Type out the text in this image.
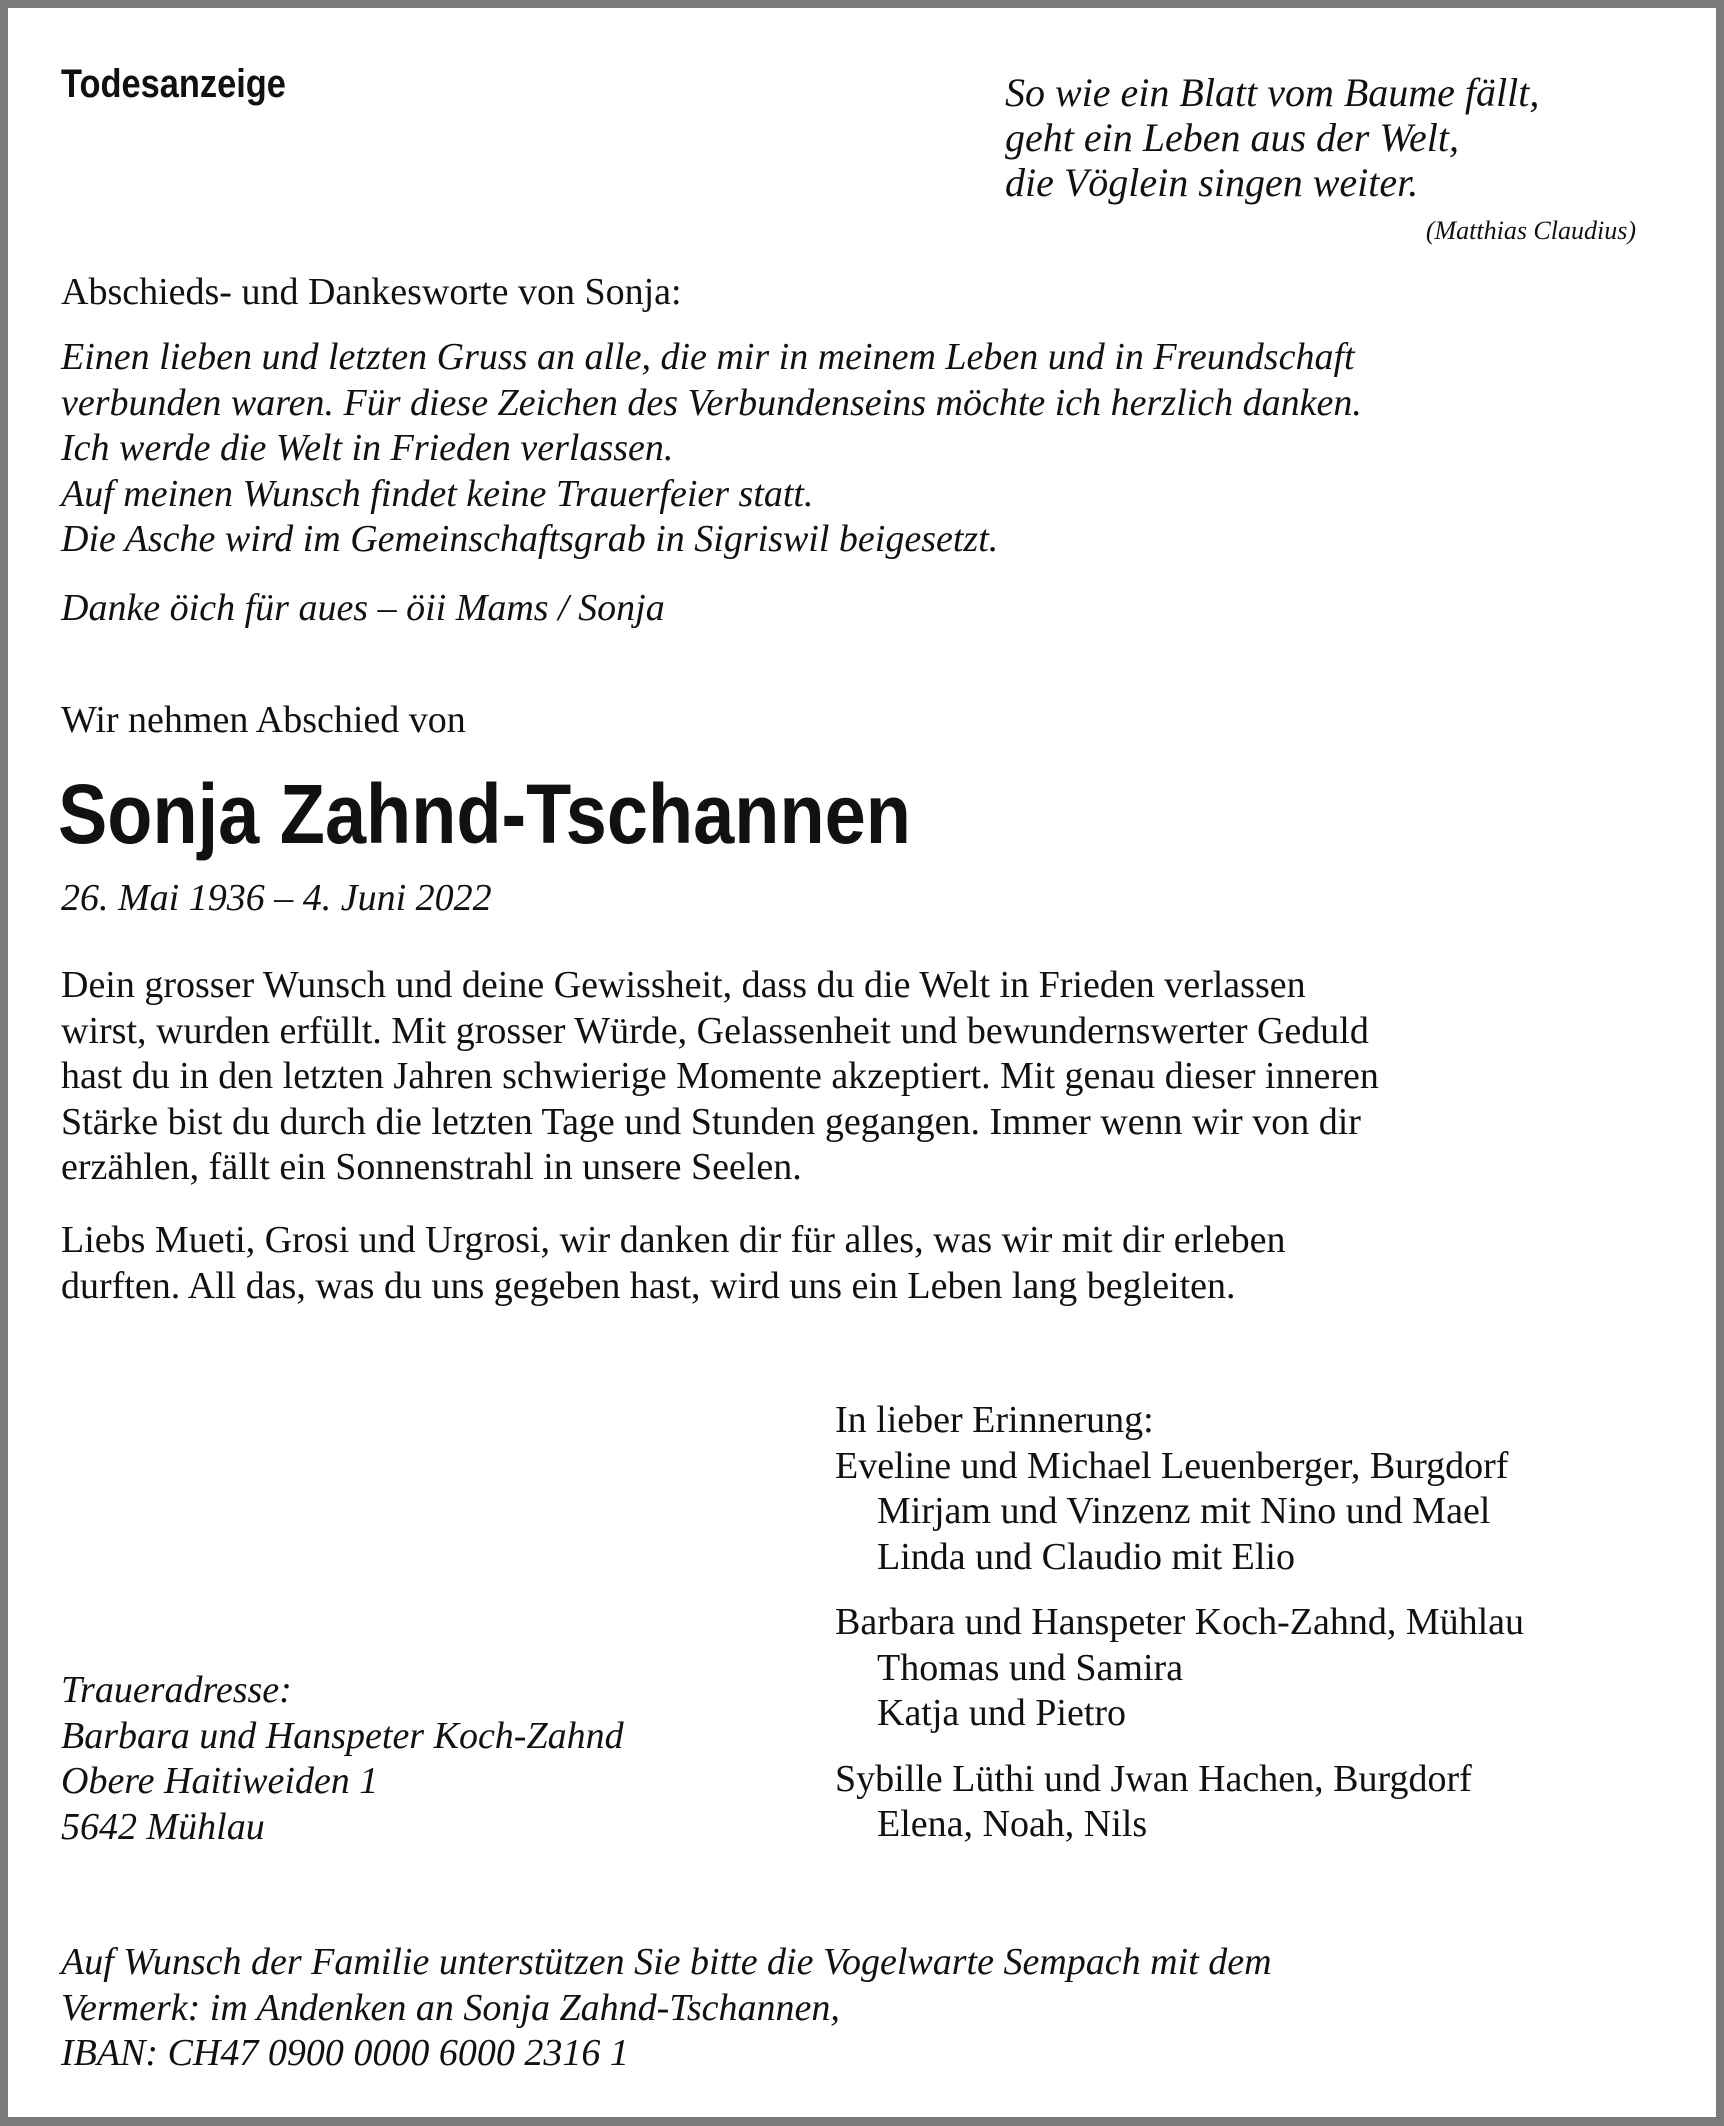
Todesanzeige	So wie ein Blatt vom Baume fällt,
geht ein Leben aus der Welt,
die Vöglein singen weiter.
(Matthias Claudius)
Abschieds- und Dankesworte von Sonja:
Einen lieben und letzten Gruss an alle, die mir in meinem Leben und in Freundschaft
verbunden waren. Für diese Zeichen des Verbundenseins möchte ich herzlich danken.
Ich werde die Welt in Frieden verlassen.
Auf meinen Wunsch findet keine Trauerfeier statt.
Die Asche wird im Gemeinschaftsgrab in Sigriswil beigesetzt.
Danke öich für aues – öii Mams / Sonja
Wir nehmen Abschied von
Sonja Zahnd-Tschannen
26. Mai 1936 – 4. Juni 2022
Dein grosser Wunsch und deine Gewissheit, dass du die Welt in Frieden verlassen
wirst, wurden erfüllt. Mit grosser Würde, Gelassenheit und bewundernswerter Geduld
hast du in den letzten Jahren schwierige Momente akzeptiert. Mit genau dieser inneren
Stärke bist du durch die letzten Tage und Stunden gegangen. Immer wenn wir von dir
erzählen, fällt ein Sonnenstrahl in unsere Seelen.
Liebs Mueti, Grosi und Urgrosi, wir danken dir für alles, was wir mit dir erleben
durften. All das, was du uns gegeben hast, wird uns ein Leben lang begleiten.
In lieber Erinnerung:
Eveline und Michael Leuenberger, Burgdorf
Mirjam und Vinzenz mit Nino und Mael
Linda und Claudio mit Elio
Barbara und Hanspeter Koch-Zahnd, Mühlau
Thomas und Samira
Katja und Pietro
Sybille Lüthi und Jwan Hachen, Burgdorf
Elena, Noah, Nils
Traueradresse:
Barbara und Hanspeter Koch-Zahnd
Obere Haitiweiden 1
5642 Mühlau
Auf Wunsch der Familie unterstützen Sie bitte die Vogelwarte Sempach mit dem
Vermerk: im Andenken an Sonja Zahnd-Tschannen,
IBAN: CH47 0900 0000 6000 2316 1
